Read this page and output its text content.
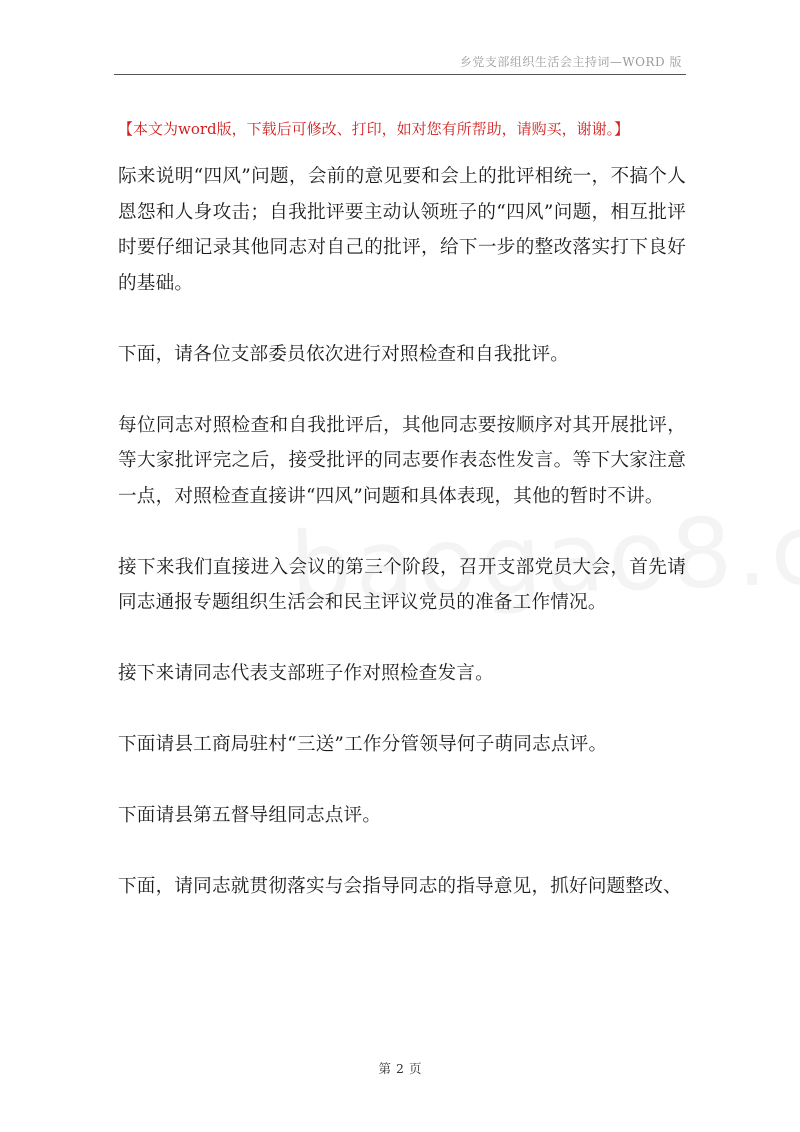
乡党支部组织生活会主持词—WORD 版
【本文为word版，下载后可修改、打印，如对您有所帮助，请购买，谢谢。】

际来说明“四风”问题，会前的意见要和会上的批评相统一，不搞个人恩怨和人身攻击；自我批评要主动认领班子的“四风”问题，相互批评时要仔细记录其他同志对自己的批评，给下一步的整改落实打下良好的基础。

下面，请各位支部委员依次进行对照检查和自我批评。

每位同志对照检查和自我批评后，其他同志要按顺序对其开展批评，等大家批评完之后，接受批评的同志要作表态性发言。等下大家注意一点，对照检查直接讲“四风”问题和具体表现，其他的暂时不讲。

接下来我们直接进入会议的第三个阶段，召开支部党员大会，首先请同志通报专题组织生活会和民主评议党员的准备工作情况。

接下来请同志代表支部班子作对照检查发言。

下面请县工商局驻村“三送”工作分管领导何子萌同志点评。

下面请县第五督导组同志点评。

下面，请同志就贯彻落实与会指导同志的指导意见，抓好问题整改、

第 2 页
